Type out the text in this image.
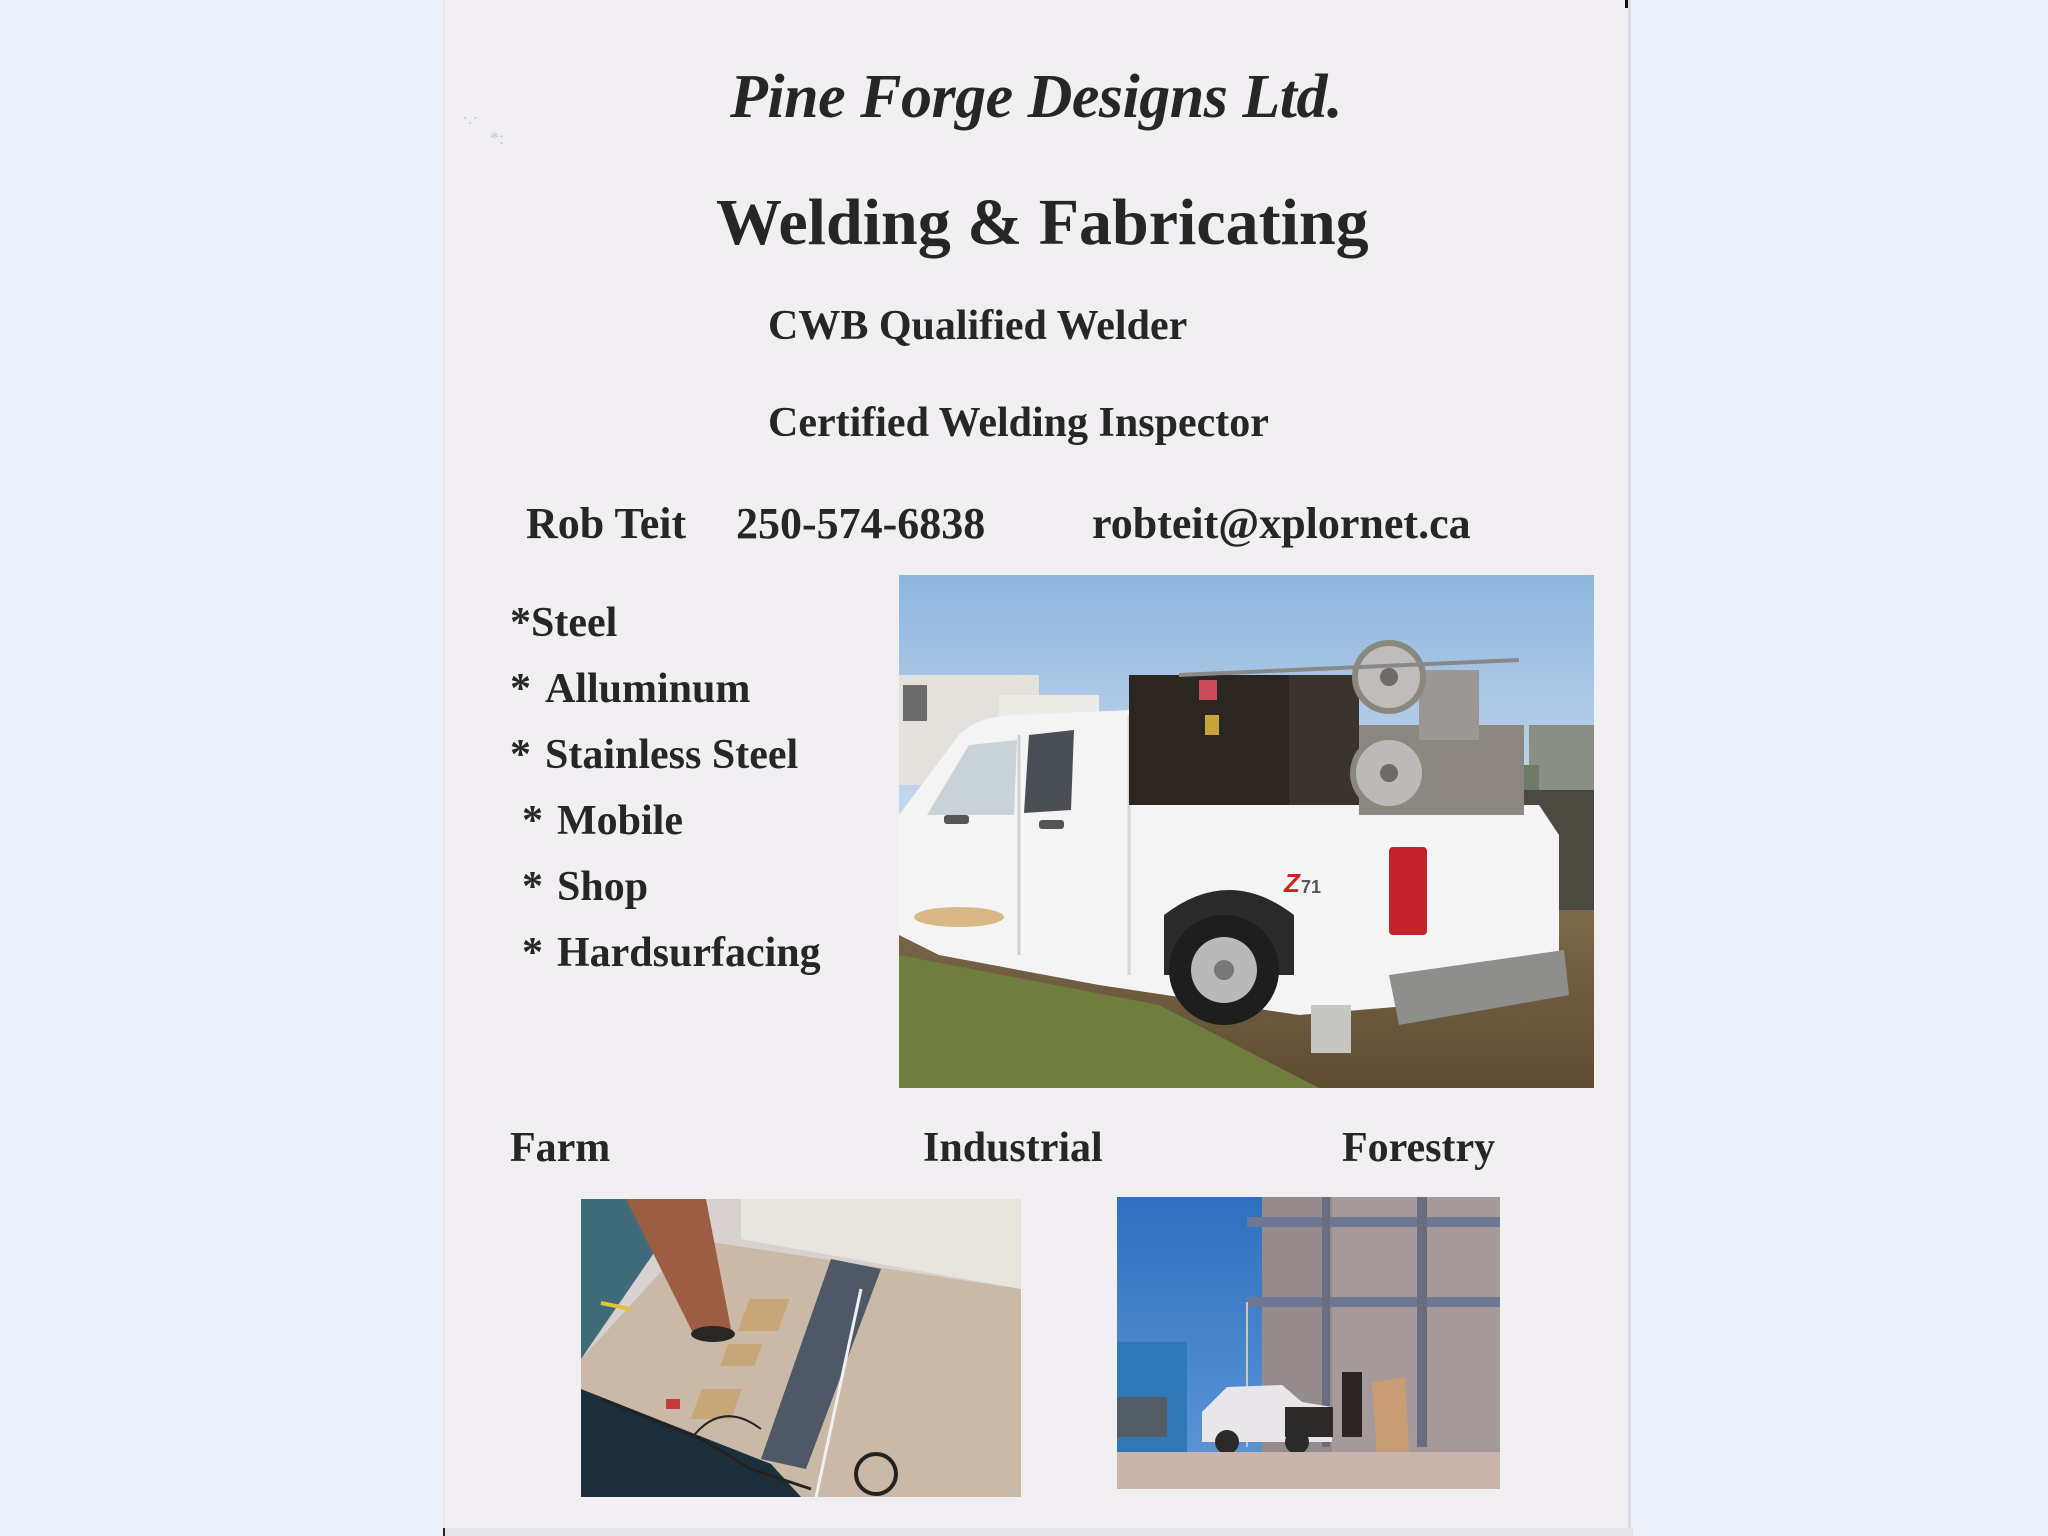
·.·
*:
Pine Forge Designs Ltd.
Welding & Fabricating
CWB Qualified Welder
Certified Welding Inspector
Rob Teit 250-574-6838 robteit@xplornet.ca
*Steel
* Alluminum
* Stainless Steel
* Mobile
* Shop
* Hardsurfacing
Z 71
Farm	Industrial	Forestry
